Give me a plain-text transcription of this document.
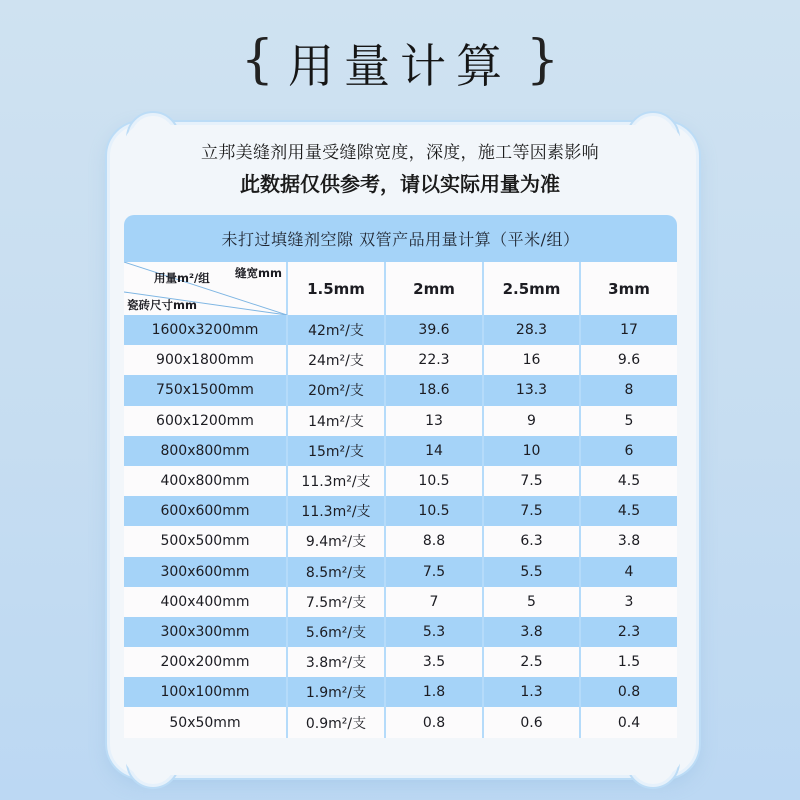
{ 用量计算 }
立邦美缝剂用量受缝隙宽度，深度，施工等因素影响
此数据仅供参考，请以实际用量为准
未打过填缝剂空隙 双管产品用量计算（平米/组）
缝宽mm
用量m²/组
瓷砖尺寸mm	1.5mm	2mm	2.5mm	3mm
1600x3200mm	42m²/支	39.6	28.3	17
900x1800mm	24m²/支	22.3	16	9.6
750x1500mm	20m²/支	18.6	13.3	8
600x1200mm	14m²/支	13	9	5
800x800mm	15m²/支	14	10	6
400x800mm	11.3m²/支	10.5	7.5	4.5
600x600mm	11.3m²/支	10.5	7.5	4.5
500x500mm	9.4m²/支	8.8	6.3	3.8
300x600mm	8.5m²/支	7.5	5.5	4
400x400mm	7.5m²/支	7	5	3
300x300mm	5.6m²/支	5.3	3.8	2.3
200x200mm	3.8m²/支	3.5	2.5	1.5
100x100mm	1.9m²/支	1.8	1.3	0.8
50x50mm	0.9m²/支	0.8	0.6	0.4
